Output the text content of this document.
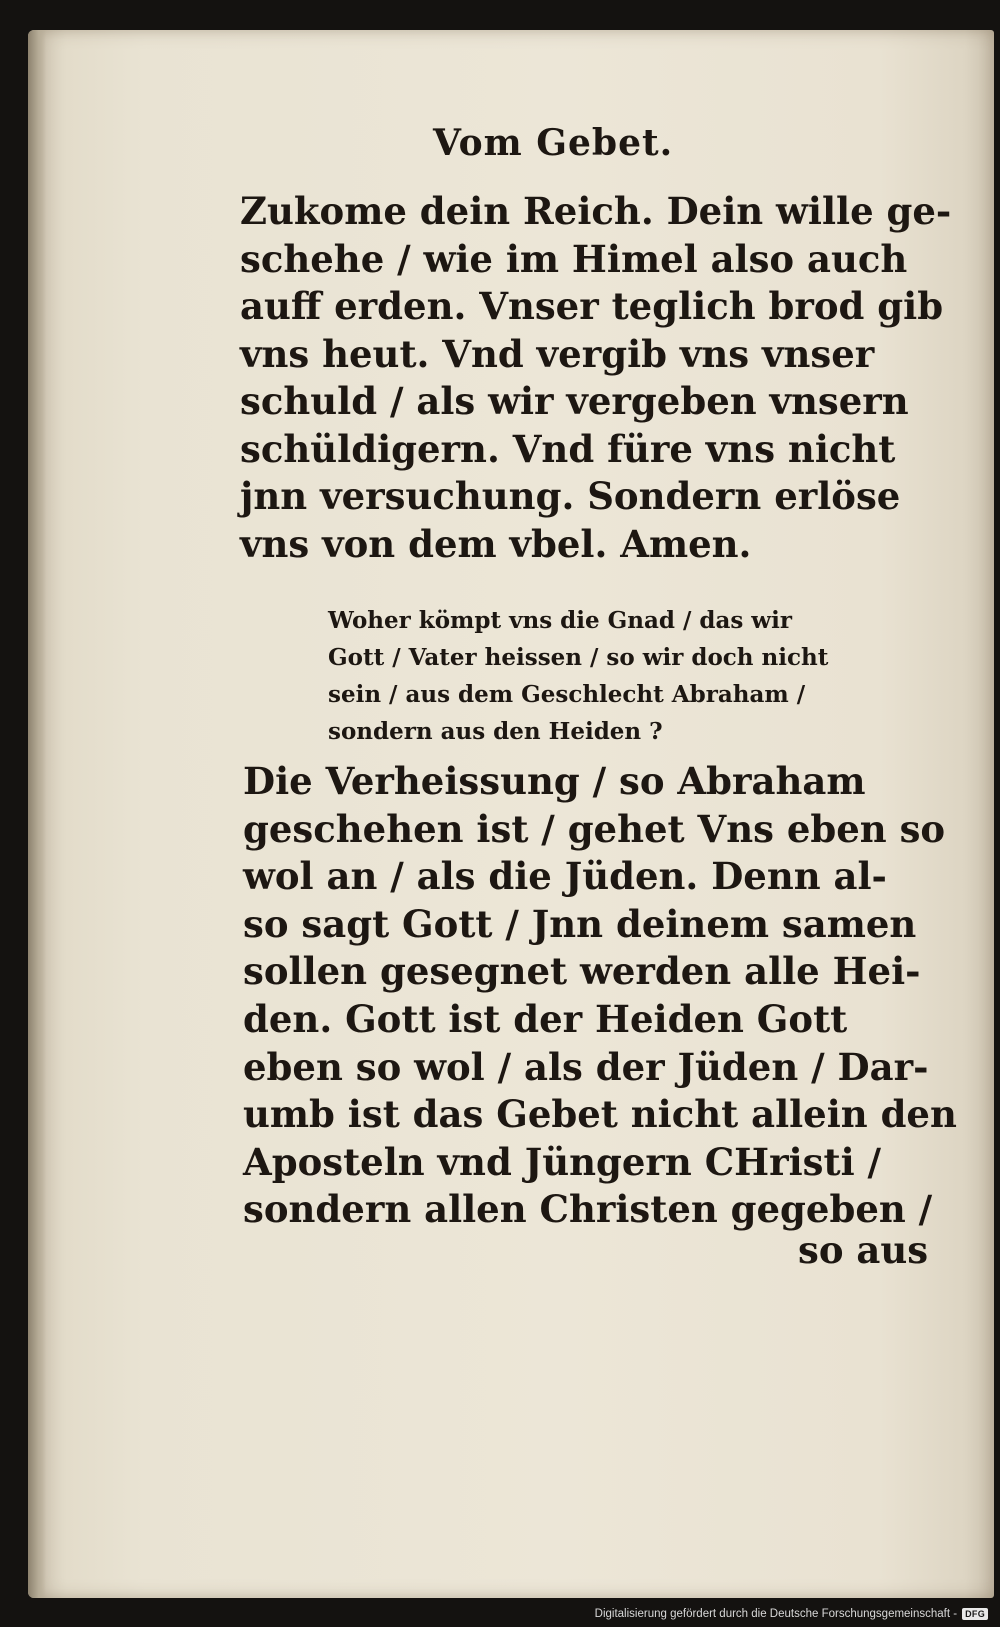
Vom Gebet.
Zukome dein Reich. Dein wille ge-
schehe / wie im Himel also auch
auff erden. Vnser teglich brod gib
vns heut. Vnd vergib vns vnser
schuld / als wir vergeben vnsern
schüldigern. Vnd füre vns nicht
jnn versuchung. Sondern erlöse
vns von dem vbel. Amen.
Woher kömpt vns die Gnad / das wir
Gott / Vater heissen / so wir doch nicht
sein / aus dem Geschlecht Abraham /
sondern aus den Heiden ?
Die Verheissung / so Abraham
geschehen ist / gehet Vns eben so
wol an / als die Jüden. Denn al-
so sagt Gott / Jnn deinem samen
sollen gesegnet werden alle Hei-
den. Gott ist der Heiden Gott
eben so wol / als der Jüden / Dar-
umb ist das Gebet nicht allein den
Aposteln vnd Jüngern CHristi /
sondern allen Christen gegeben /
so aus
Digitalisierung gefördert durch die Deutsche Forschungsgemeinschaft - DFG
